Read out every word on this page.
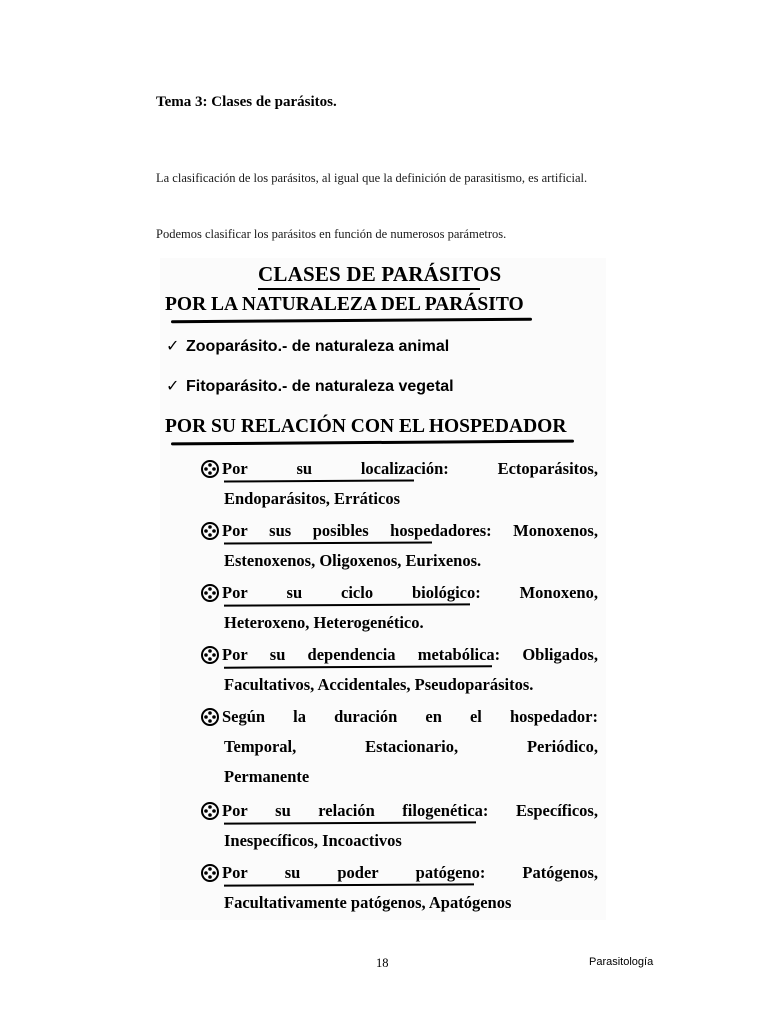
Tema 3: Clases de parásitos.

La clasificación de los parásitos, al igual que la definición de parasitismo, es artificial.

Podemos clasificar los parásitos en función de numerosos parámetros.

CLASES DE PARÁSITOS
POR LA NATURALEZA DEL PARÁSITO
✓ Zooparásito.- de naturaleza animal
✓ Fitoparásito.- de naturaleza vegetal
POR SU RELACIÓN CON EL HOSPEDADOR
Por	su	localización:	Ectoparásitos,
Endoparásitos, Erráticos
Por sus posibles hospedadores: Monoxenos,
Estenoxenos, Oligoxenos, Eurixenos.
Por su ciclo biológico: Monoxeno,
Heteroxeno, Heterogenético.
Por su dependencia metabólica: Obligados,
Facultativos, Accidentales, Pseudoparásitos.
Según la duración en el hospedador:
Temporal,	Estacionario,	Periódico,
Permanente
Por su relación filogenética: Específicos,
Inespecíficos, Incoactivos
Por su poder patógeno: Patógenos,
Facultativamente patógenos, Apatógenos
18	Parasitología
